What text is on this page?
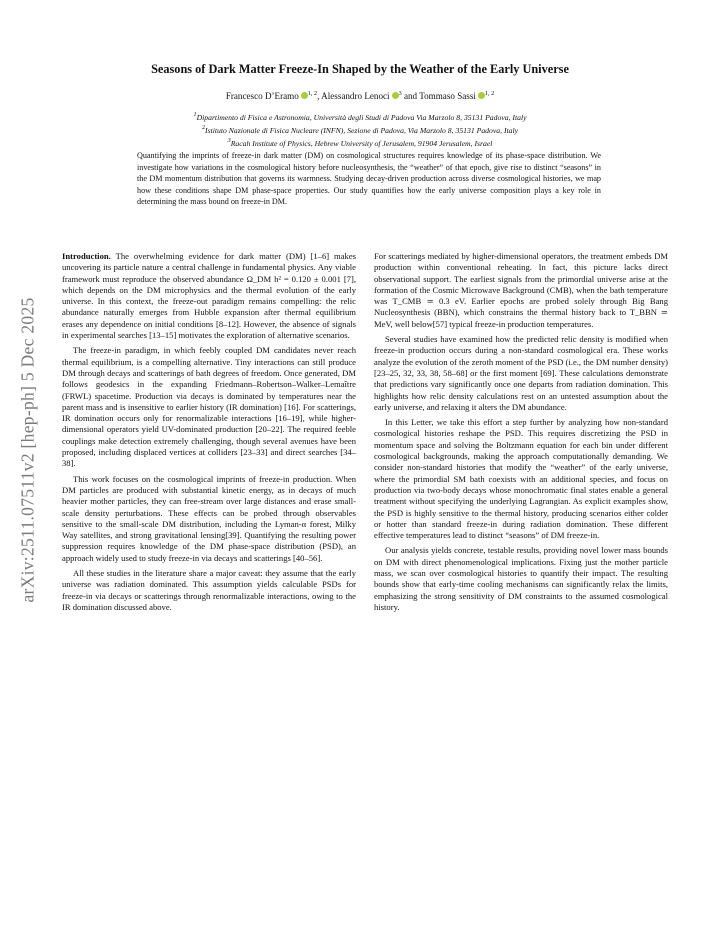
arXiv:2511.07511v2 [hep-ph] 5 Dec 2025
Seasons of Dark Matter Freeze-In Shaped by the Weather of the Early Universe
Francesco D’Eramo $^{1, 2}$, Alessandro Lenoci $^3$ and Tommaso Sassi $^{1, 2}$
$^1$Dipartimento di Fisica e Astronomia, Università degli Studi di Padova Via Marzolo 8, 35131 Padova, Italy
$^2$Istituto Nazionale di Fisica Nucleare (INFN), Sezione di Padova, Via Marzolo 8, 35131 Padova, Italy
$^3$Racah Institute of Physics, Hebrew University of Jerusalem, 91904 Jerusalem, Israel
Quantifying the imprints of freeze-in dark matter (DM) on cosmological structures requires knowledge of its phase-space distribution. We investigate how variations in the cosmological history before nucleosynthesis, the “weather” of that epoch, give rise to distinct “seasons” in the DM momentum distribution that governs its warmness. Studying decay-driven production across diverse cosmological histories, we map how these conditions shape DM phase-space properties. Our study quantifies how the early universe composition plays a key role in determining the mass bound on freeze-in DM.

Introduction. The overwhelming evidence for dark matter (DM) [1–6] makes uncovering its particle nature a central challenge in fundamental physics. Any viable framework must reproduce the observed abundance Ω_DM h² = 0.120 ± 0.001 [7], which depends on the DM microphysics and the thermal evolution of the early universe. In this context, the freeze-out paradigm remains compelling: the relic abundance naturally emerges from Hubble expansion after thermal equilibrium erases any dependence on initial conditions [8–12]. However, the absence of signals in experimental searches [13–15] motivates the exploration of alternative scenarios.

The freeze-in paradigm, in which feebly coupled DM candidates never reach thermal equilibrium, is a compelling alternative. Tiny interactions can still produce DM through decays and scatterings of bath degrees of freedom. Once generated, DM follows geodesics in the expanding Friedmann–Robertson–Walker–Lemaître (FRWL) spacetime. Production via decays is dominated by temperatures near the parent mass and is insensitive to earlier history (IR domination) [16]. For scatterings, IR domination occurs only for renormalizable interactions [16–19], while higher-dimensional operators yield UV-dominated production [20–22]. The required feeble couplings make detection extremely challenging, though several avenues have been proposed, including displaced vertices at colliders [23–33] and direct searches [34–38].

This work focuses on the cosmological imprints of freeze-in production. When DM particles are produced with substantial kinetic energy, as in decays of much heavier mother particles, they can free-stream over large distances and erase small-scale density perturbations. These effects can be probed through observables sensitive to the small-scale DM distribution, including the Lyman-α forest, Milky Way satellites, and strong gravitational lensing[39]. Quantifying the resulting power suppression requires knowledge of the DM phase-space distribution (PSD), an approach widely used to study freeze-in via decays and scatterings [40–56].

All these studies in the literature share a major caveat: they assume that the early universe was radiation dominated. This assumption yields calculable PSDs for freeze-in via decays or scatterings through renormalizable interactions, owing to the IR domination discussed above.

For scatterings mediated by higher-dimensional operators, the treatment embeds DM production within conventional reheating. In fact, this picture lacks direct observational support. The earliest signals from the primordial universe arise at the formation of the Cosmic Microwave Background (CMB), when the bath temperature was T_CMB ≃ 0.3 eV. Earlier epochs are probed solely through Big Bang Nucleosynthesis (BBN), which constrains the thermal history back to T_BBN ≃ MeV, well below[57] typical freeze-in production temperatures.

Several studies have examined how the predicted relic density is modified when freeze-in production occurs during a non-standard cosmological era. These works analyze the evolution of the zeroth moment of the PSD (i.e., the DM number density) [23–25, 32, 33, 38, 58–68] or the first moment [69]. These calculations demonstrate that predictions vary significantly once one departs from radiation domination. This highlights how relic density calculations rest on an untested assumption about the early universe, and relaxing it alters the DM abundance.

In this Letter, we take this effort a step further by analyzing how non-standard cosmological histories reshape the PSD. This requires discretizing the PSD in momentum space and solving the Boltzmann equation for each bin under different cosmological backgrounds, making the approach computationally demanding. We consider non-standard histories that modify the “weather” of the early universe, where the primordial SM bath coexists with an additional species, and focus on production via two-body decays whose monochromatic final states enable a general treatment without specifying the underlying Lagrangian. As explicit examples show, the PSD is highly sensitive to the thermal history, producing scenarios either colder or hotter than standard freeze-in during radiation domination. These different effective temperatures lead to distinct “seasons” of DM freeze-in.

Our analysis yields concrete, testable results, providing novel lower mass bounds on DM with direct phenomenological implications. Fixing just the mother particle mass, we scan over cosmological histories to quantify their impact. The resulting bounds show that early-time cooling mechanisms can significantly relax the limits, emphasizing the strong sensitivity of DM constraints to the assumed cosmological history.
